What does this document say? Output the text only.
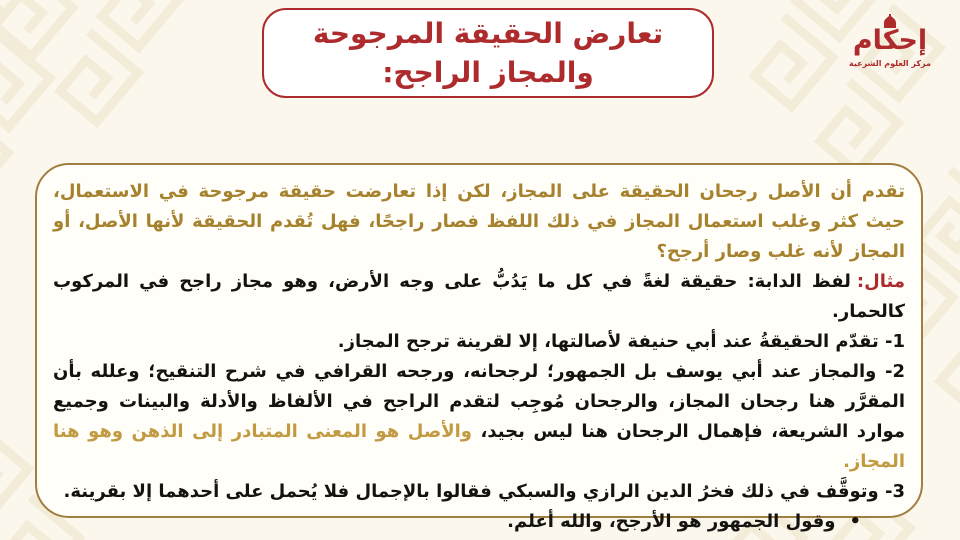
تعارض الحقيقة المرجوحة
والمجاز الراجح:
إحكام
مركز العلوم الشرعية

تقدم أن الأصل رجحان الحقيقة على المجاز، لكن إذا تعارضت حقيقة مرجوحة في الاستعمال، حيث كثر وغلب استعمال المجاز في ذلك اللفظ فصار راجحًا، فهل تُقدم الحقيقة لأنها الأصل، أو المجاز لأنه غلب وصار أرجح؟

مثال:لفظ الدابة: حقيقة لغةً في كل ما يَدُبُّ على وجه الأرض، وهو مجاز راجح في المركوب كالحمار.

1- تقدّم الحقيقةُ عند أبي حنيفة لأصالتها، إلا لقرينة ترجح المجاز.

2- والمجاز عند أبي يوسف بل الجمهور؛ لرجحانه، ورجحه القرافي في شرح التنقيح؛ وعلله بأن المقرَّر هنا رجحان المجاز، والرجحان مُوجِب لتقدم الراجح في الألفاظ والأدلة والبينات وجميع موارد الشريعة، فإهمال الرجحان هنا ليس بجيد، والأصل هو المعنى المتبادر إلى الذهن وهو هنا المجاز.

3- وتوقَّف في ذلك فخرُ الدين الرازي والسبكي فقالوا بالإجمال فلا يُحمل على أحدهما إلا بقرينة.

•وقول الجمهور هو الأرجح، والله أعلم.
